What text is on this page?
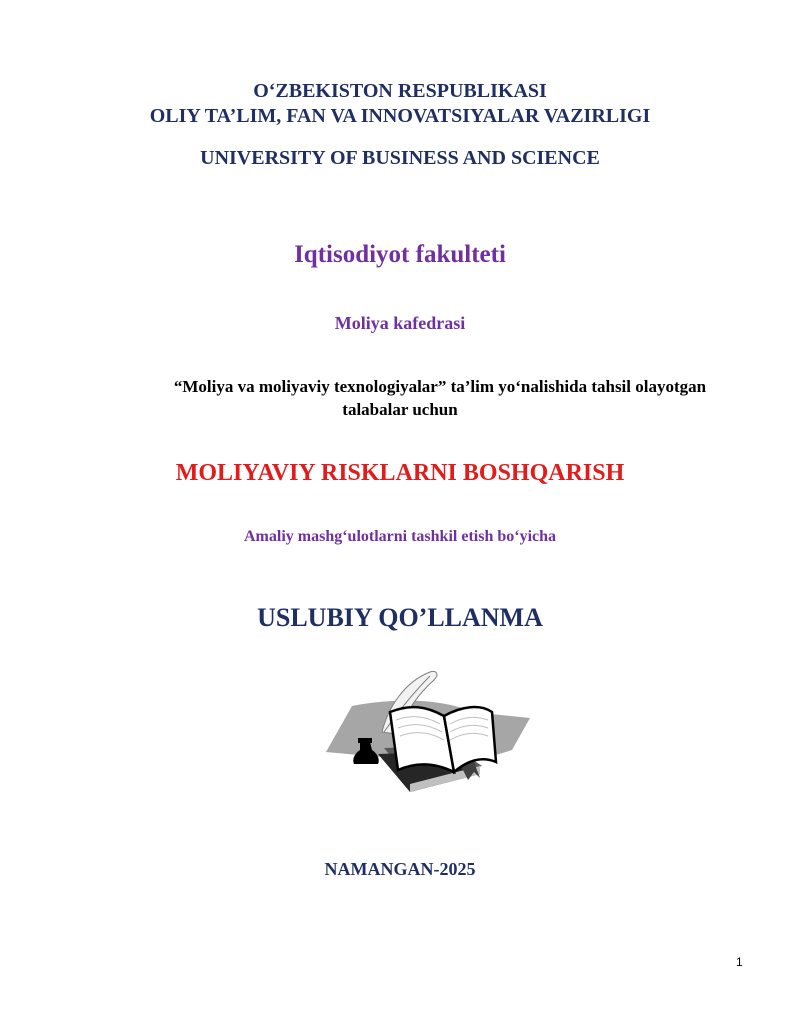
O‘ZBEKISTON RESPUBLIKASI
OLIY TA’LIM, FAN VA INNOVATSIYALAR VAZIRLIGI
UNIVERSITY OF BUSINESS AND SCIENCE
Iqtisodiyot fakulteti
Moliya kafedrasi
“Moliya va moliyaviy texnologiyalar” ta’lim yo‘nalishida tahsil olayotgan
talabalar uchun
MOLIYAVIY RISKLARNI BOSHQARISH
Amaliy mashg‘ulotlarni tashkil etish bo‘yicha
USLUBIY QO’LLANMA
NAMANGAN-2025
1
